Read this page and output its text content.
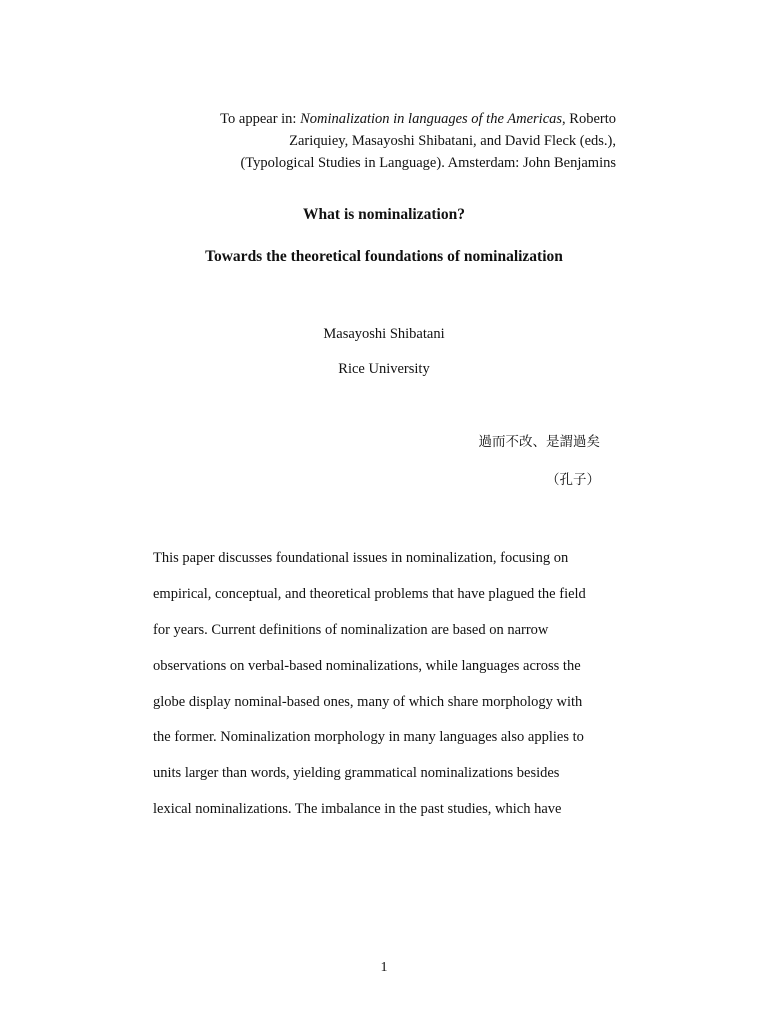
To appear in: Nominalization in languages of the Americas, Roberto
Zariquiey, Masayoshi Shibatani, and David Fleck (eds.),
(Typological Studies in Language). Amsterdam: John Benjamins
What is nominalization?
Towards the theoretical foundations of nominalization
Masayoshi Shibatani
Rice University
過而不改、是謂過矣
（孔子）
This paper discusses foundational issues in nominalization, focusing on
empirical, conceptual, and theoretical problems that have plagued the field
for years. Current definitions of nominalization are based on narrow
observations on verbal-based nominalizations, while languages across the
globe display nominal-based ones, many of which share morphology with
the former. Nominalization morphology in many languages also applies to
units larger than words, yielding grammatical nominalizations besides
lexical nominalizations. The imbalance in the past studies, which have
1
